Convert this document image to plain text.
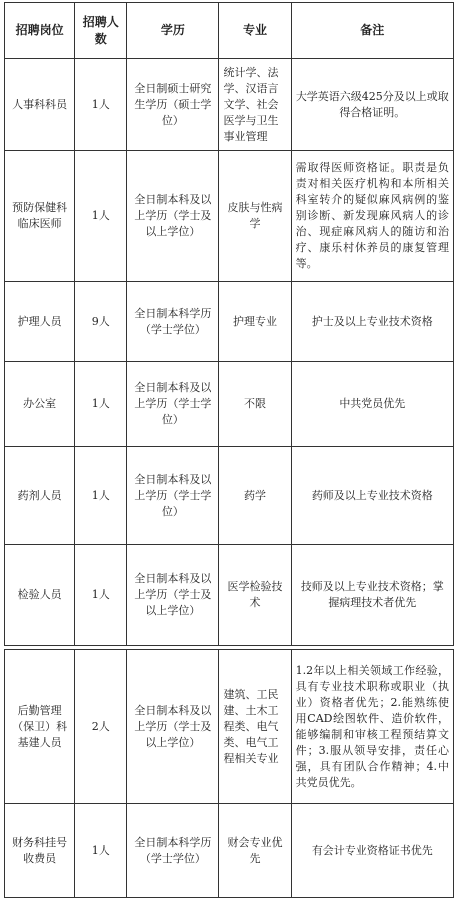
招聘岗位	招聘人数	学历	专业	备注
人事科科员	1人	全日制硕士研究生学历（硕士学位）	统计学、法学、汉语言文学、社会医学与卫生事业管理	大学英语六级425分及以上或取得合格证明。
预防保健科临床医师	1人	全日制本科及以上学历（学士及以上学位）	皮肤与性病学	需取得医师资格证。职责是负责对相关医疗机构和本所相关科室转介的疑似麻风病例的鉴别诊断、新发现麻风病人的诊治、现症麻风病人的随访和治疗、康乐村休养员的康复管理等。
护理人员	9人	全日制本科学历（学士学位）	护理专业	护士及以上专业技术资格
办公室	1人	全日制本科及以上学历（学士学位）	不限	中共党员优先
药剂人员	1人	全日制本科及以上学历（学士学位）	药学	药师及以上专业技术资格
检验人员	1人	全日制本科及以上学历（学士及以上学位）	医学检验技术	技师及以上专业技术资格；掌握病理技术者优先
后勤管理（保卫）科基建人员	2人	全日制本科及以上学历（学士及以上学位）	建筑、工民建、土木工程类、电气类、电气工程相关专业	1.2年以上相关领域工作经验，具有专业技术职称或职业（执业）资格者优先；2.能熟练使用CAD绘图软件、造价软件，能够编制和审核工程预结算文件；3.服从领导安排，责任心强，具有团队合作精神；4.中共党员优先。
财务科挂号收费员	1人	全日制本科学历（学士学位）	财会专业优先	有会计专业资格证书优先
